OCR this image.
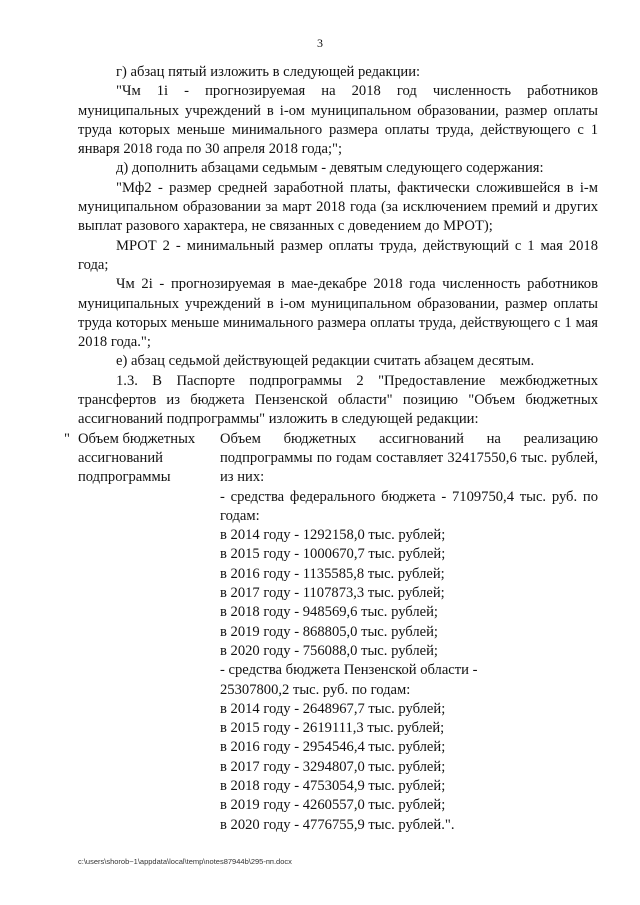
3

г) абзац пятый изложить в следующей редакции:

"Чм 1i - прогнозируемая на 2018 год численность работников муниципальных учреждений в i-ом муниципальном образовании, размер оплаты труда которых меньше минимального размера оплаты труда, действующего с 1 января 2018 года по 30 апреля 2018 года;";

д) дополнить абзацами седьмым - девятым следующего содержания:

"Мф2 - размер средней заработной платы, фактически сложившейся в i-м муниципальном образовании за март 2018 года (за исключением премий и других выплат разового характера, не связанных с доведением до МРОТ);

МРОТ 2 - минимальный размер оплаты труда, действующий с 1 мая 2018 года;

Чм 2i - прогнозируемая в мае-декабре 2018 года численность работников муниципальных учреждений в i-ом муниципальном образовании, размер оплаты труда которых меньше минимального размера оплаты труда, действующего с 1 мая 2018 года.";

е) абзац седьмой действующей редакции считать абзацем десятым.

1.3. В Паспорте подпрограммы 2 "Предоставление межбюджетных трансфертов из бюджета Пензенской области" позицию "Объем бюджетных ассигнований подпрограммы" изложить в следующей редакции:

" Объем бюджетных
ассигнований
подпрограммы
Объем бюджетных ассигнований на реализацию подпрограммы по годам составляет 32417550,6 тыс. рублей, из них:
- средства федерального бюджета - 7109750,4 тыс. руб. по годам:
в 2014 году - 1292158,0 тыс. рублей;
в 2015 году - 1000670,7 тыс. рублей;
в 2016 году - 1135585,8 тыс. рублей;
в 2017 году - 1107873,3 тыс. рублей;
в 2018 году - 948569,6 тыс. рублей;
в 2019 году - 868805,0 тыс. рублей;
в 2020 году - 756088,0 тыс. рублей;
- средства бюджета Пензенской области -
25307800,2 тыс. руб. по годам:
в 2014 году - 2648967,7 тыс. рублей;
в 2015 году - 2619111,3 тыс. рублей;
в 2016 году - 2954546,4 тыс. рублей;
в 2017 году - 3294807,0 тыс. рублей;
в 2018 году - 4753054,9 тыс. рублей;
в 2019 году - 4260557,0 тыс. рублей;
в 2020 году - 4776755,9 тыс. рублей.".
c:\users\shorob~1\appdata\local\temp\notes87944b\295-пп.docx
